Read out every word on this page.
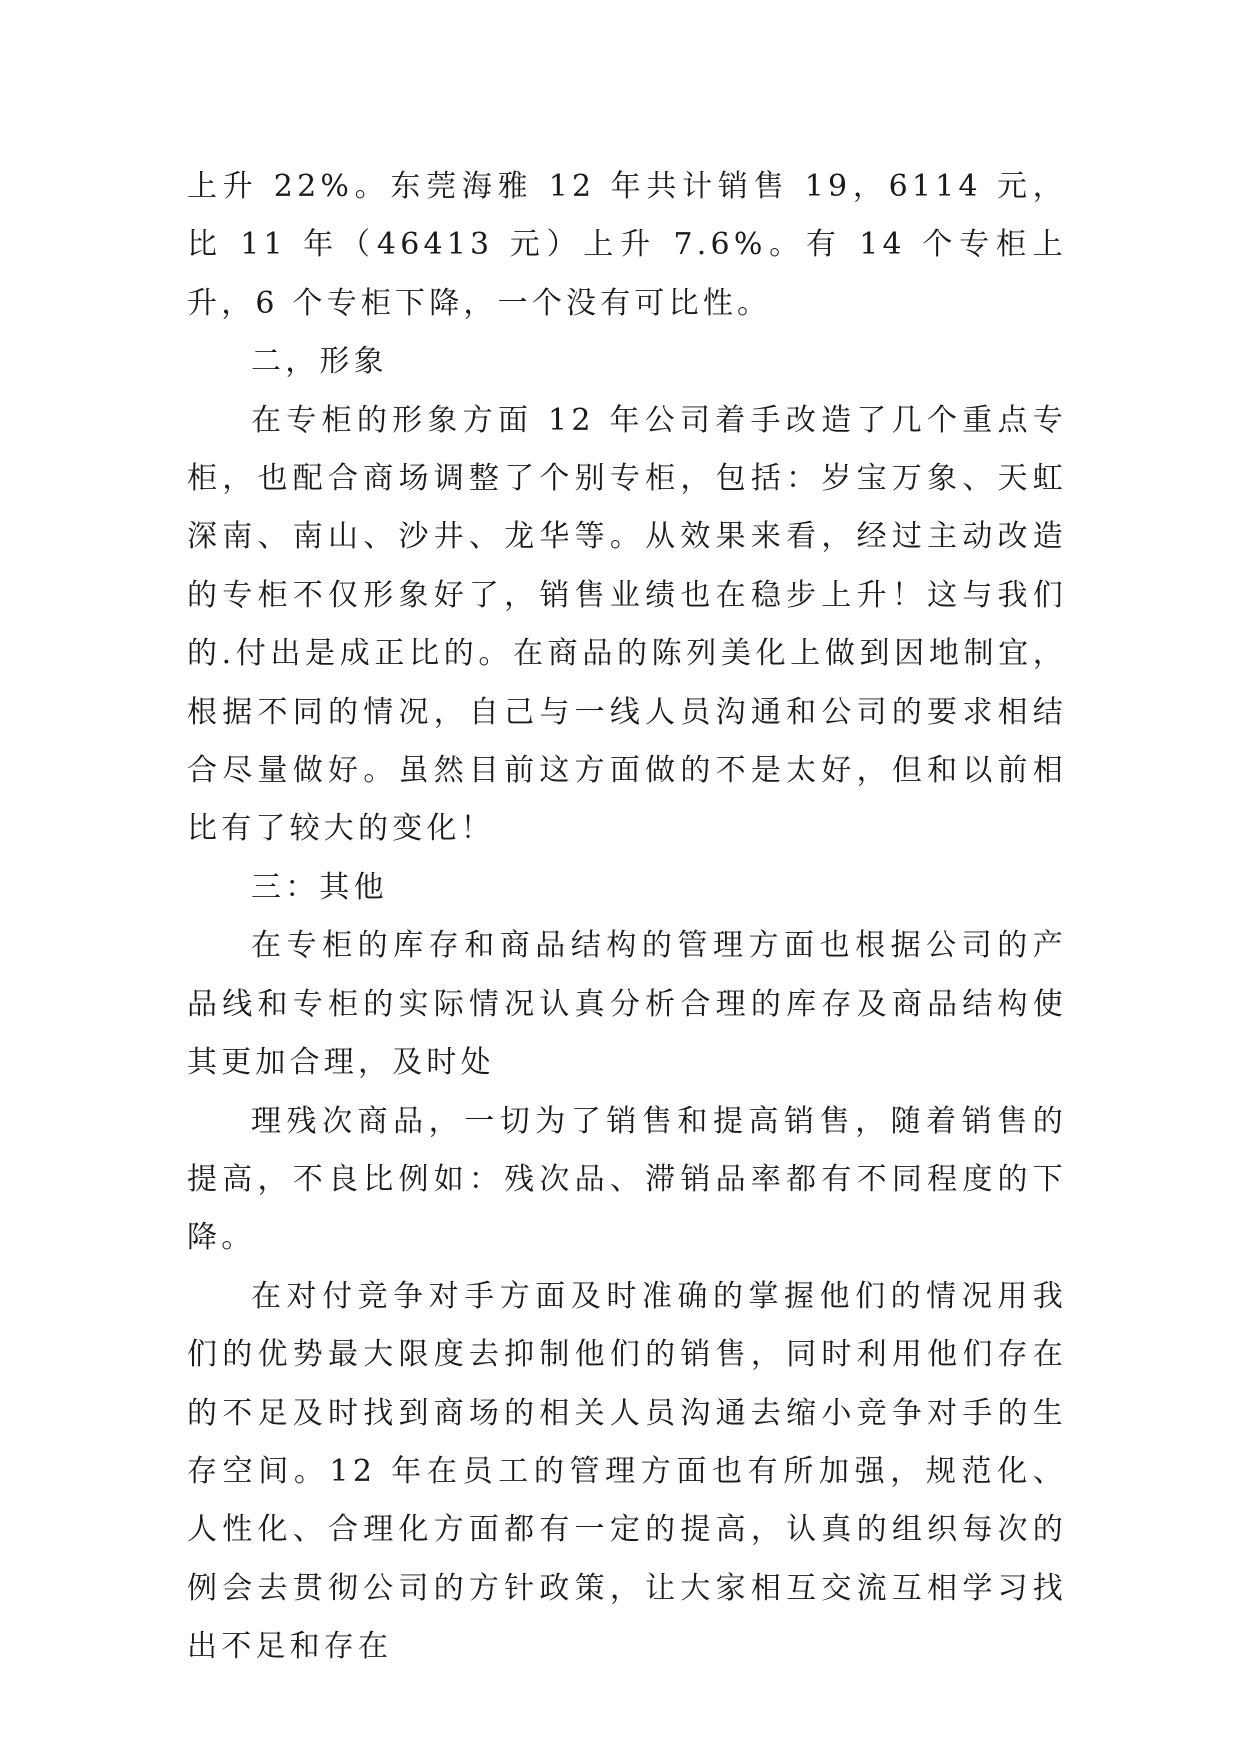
上升 22%。东莞海雅 12 年共计销售 19，6114 元，比 11 年（46413 元）上升 7.6%。有 14 个专柜上升，6 个专柜下降，一个没有可比性。

二，形象

在专柜的形象方面 12 年公司着手改造了几个重点专柜，也配合商场调整了个别专柜，包括：岁宝万象、天虹深南、南山、沙井、龙华等。从效果来看，经过主动改造的专柜不仅形象好了，销售业绩也在稳步上升！这与我们的.付出是成正比的。在商品的陈列美化上做到因地制宜，根据不同的情况，自己与一线人员沟通和公司的要求相结合尽量做好。虽然目前这方面做的不是太好，但和以前相比有了较大的变化！

三：其他

在专柜的库存和商品结构的管理方面也根据公司的产品线和专柜的实际情况认真分析合理的库存及商品结构使其更加合理，及时处

理残次商品，一切为了销售和提高销售，随着销售的提高，不良比例如：残次品、滞销品率都有不同程度的下降。

在对付竞争对手方面及时准确的掌握他们的情况用我们的优势最大限度去抑制他们的销售，同时利用他们存在的不足及时找到商场的相关人员沟通去缩小竞争对手的生存空间。12 年在员工的管理方面也有所加强，规范化、人性化、合理化方面都有一定的提高，认真的组织每次的例会去贯彻公司的方针政策，让大家相互交流互相学习找出不足和存在
